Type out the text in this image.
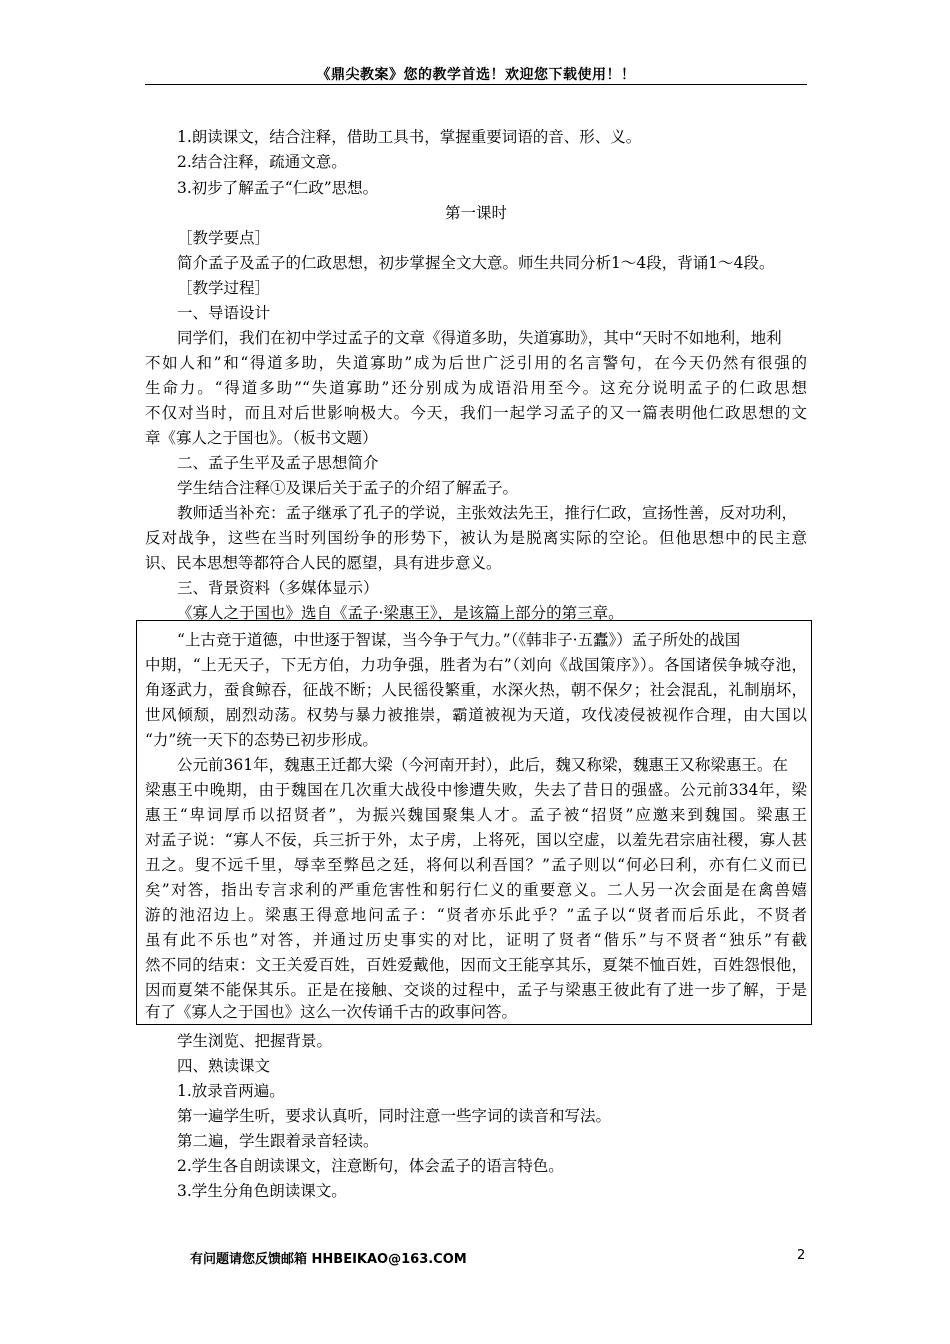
《鼎尖教案》您的教学首选！欢迎您下载使用！！
1.朗读课文，结合注释，借助工具书，掌握重要词语的音、形、义。
2.结合注释，疏通文意。
3.初步了解孟子“仁政”思想。
第一课时
［教学要点］
简介孟子及孟子的仁政思想，初步掌握全文大意。师生共同分析1～4段，背诵1～4段。
［教学过程］
一、导语设计
同学们，我们在初中学过孟子的文章《得道多助，失道寡助》，其中“天时不如地利，地利
不如人和”和“得道多助，失道寡助”成为后世广泛引用的名言警句，在今天仍然有很强的
生命力。“得道多助”“失道寡助”还分别成为成语沿用至今。这充分说明孟子的仁政思想
不仅对当时，而且对后世影响极大。今天，我们一起学习孟子的又一篇表明他仁政思想的文
章《寡人之于国也》。（板书文题）
二、孟子生平及孟子思想简介
学生结合注释①及课后关于孟子的介绍了解孟子。
教师适当补充：孟子继承了孔子的学说，主张效法先王，推行仁政，宣扬性善，反对功利，
反对战争，这些在当时列国纷争的形势下，被认为是脱离实际的空论。但他思想中的民主意
识、民本思想等都符合人民的愿望，具有进步意义。
三、背景资料（多媒体显示）
《寡人之于国也》选自《孟子·梁惠王》，是该篇上部分的第三章。
“上古竞于道德，中世逐于智谋，当今争于气力。”（《韩非子·五蠹》）孟子所处的战国
中期，“上无天子，下无方伯，力功争强，胜者为右”（刘向《战国策序》）。各国诸侯争城夺池，
角逐武力，蚕食鲸吞，征战不断；人民徭役繁重，水深火热，朝不保夕；社会混乱，礼制崩坏，
世风倾颓，剧烈动荡。权势与暴力被推崇，霸道被视为天道，攻伐凌侵被视作合理，由大国以
“力”统一天下的态势已初步形成。
公元前361年，魏惠王迁都大梁（今河南开封），此后，魏又称梁，魏惠王又称梁惠王。在
梁惠王中晚期，由于魏国在几次重大战役中惨遭失败，失去了昔日的强盛。公元前334年，梁
惠王“卑词厚币以招贤者”，为振兴魏国聚集人才。孟子被“招贤”应邀来到魏国。梁惠王
对孟子说：“寡人不佞，兵三折于外，太子虏，上将死，国以空虚，以羞先君宗庙社稷，寡人甚
丑之。叟不远千里，辱幸至弊邑之廷，将何以利吾国？”孟子则以“何必曰利，亦有仁义而已
矣”对答，指出专言求利的严重危害性和躬行仁义的重要意义。二人另一次会面是在禽兽嬉
游的池沼边上。梁惠王得意地问孟子：“贤者亦乐此乎？”孟子以“贤者而后乐此，不贤者
虽有此不乐也”对答，并通过历史事实的对比，证明了贤者“偕乐”与不贤者“独乐”有截
然不同的结束：文王关爱百姓，百姓爱戴他，因而文王能享其乐，夏桀不恤百姓，百姓怨恨他，
因而夏桀不能保其乐。正是在接触、交谈的过程中，孟子与梁惠王彼此有了进一步了解，于是
有了《寡人之于国也》这么一次传诵千古的政事问答。
学生浏览、把握背景。
四、熟读课文
1.放录音两遍。
第一遍学生听，要求认真听，同时注意一些字词的读音和写法。
第二遍，学生跟着录音轻读。
2.学生各自朗读课文，注意断句，体会孟子的语言特色。
3.学生分角色朗读课文。
有问题请您反馈邮箱 HHBEIKAO@163.COM	2
